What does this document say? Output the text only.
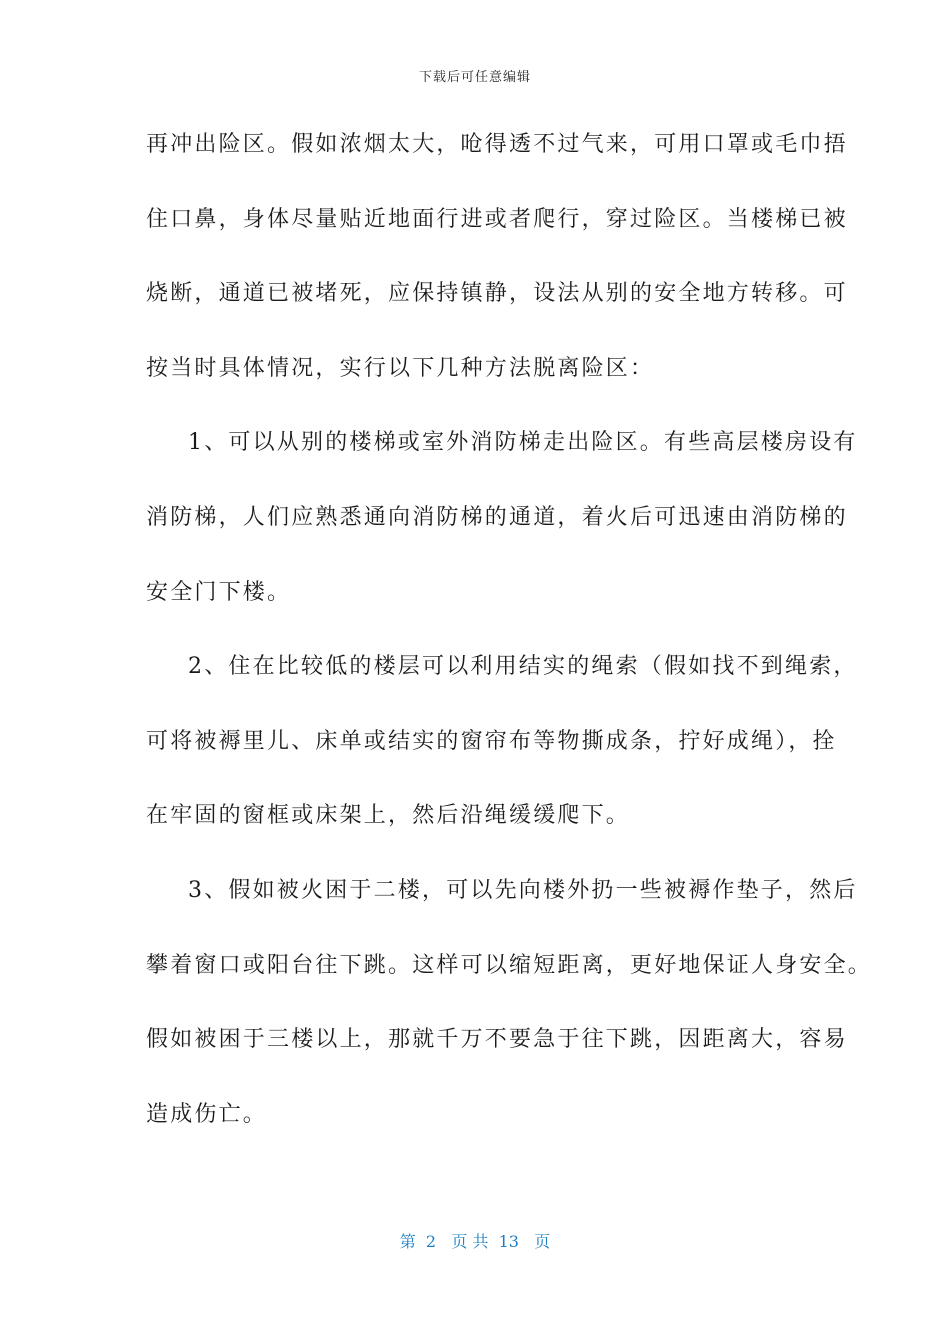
下载后可任意编辑
再冲出险区。假如浓烟太大，呛得透不过气来，可用口罩或毛巾捂
住口鼻，身体尽量贴近地面行进或者爬行，穿过险区。当楼梯已被
烧断，通道已被堵死，应保持镇静，设法从别的安全地方转移。可
按当时具体情况，实行以下几种方法脱离险区：
1、可以从别的楼梯或室外消防梯走出险区。有些高层楼房设有
消防梯，人们应熟悉通向消防梯的通道，着火后可迅速由消防梯的
安全门下楼。
2、住在比较低的楼层可以利用结实的绳索（假如找不到绳索，
可将被褥里儿、床单或结实的窗帘布等物撕成条，拧好成绳），拴
在牢固的窗框或床架上，然后沿绳缓缓爬下。
3、假如被火困于二楼，可以先向楼外扔一些被褥作垫子，然后
攀着窗口或阳台往下跳。这样可以缩短距离，更好地保证人身安全。
假如被困于三楼以上，那就千万不要急于往下跳，因距离大，容易
造成伤亡。
第  2   页 共  13   页
